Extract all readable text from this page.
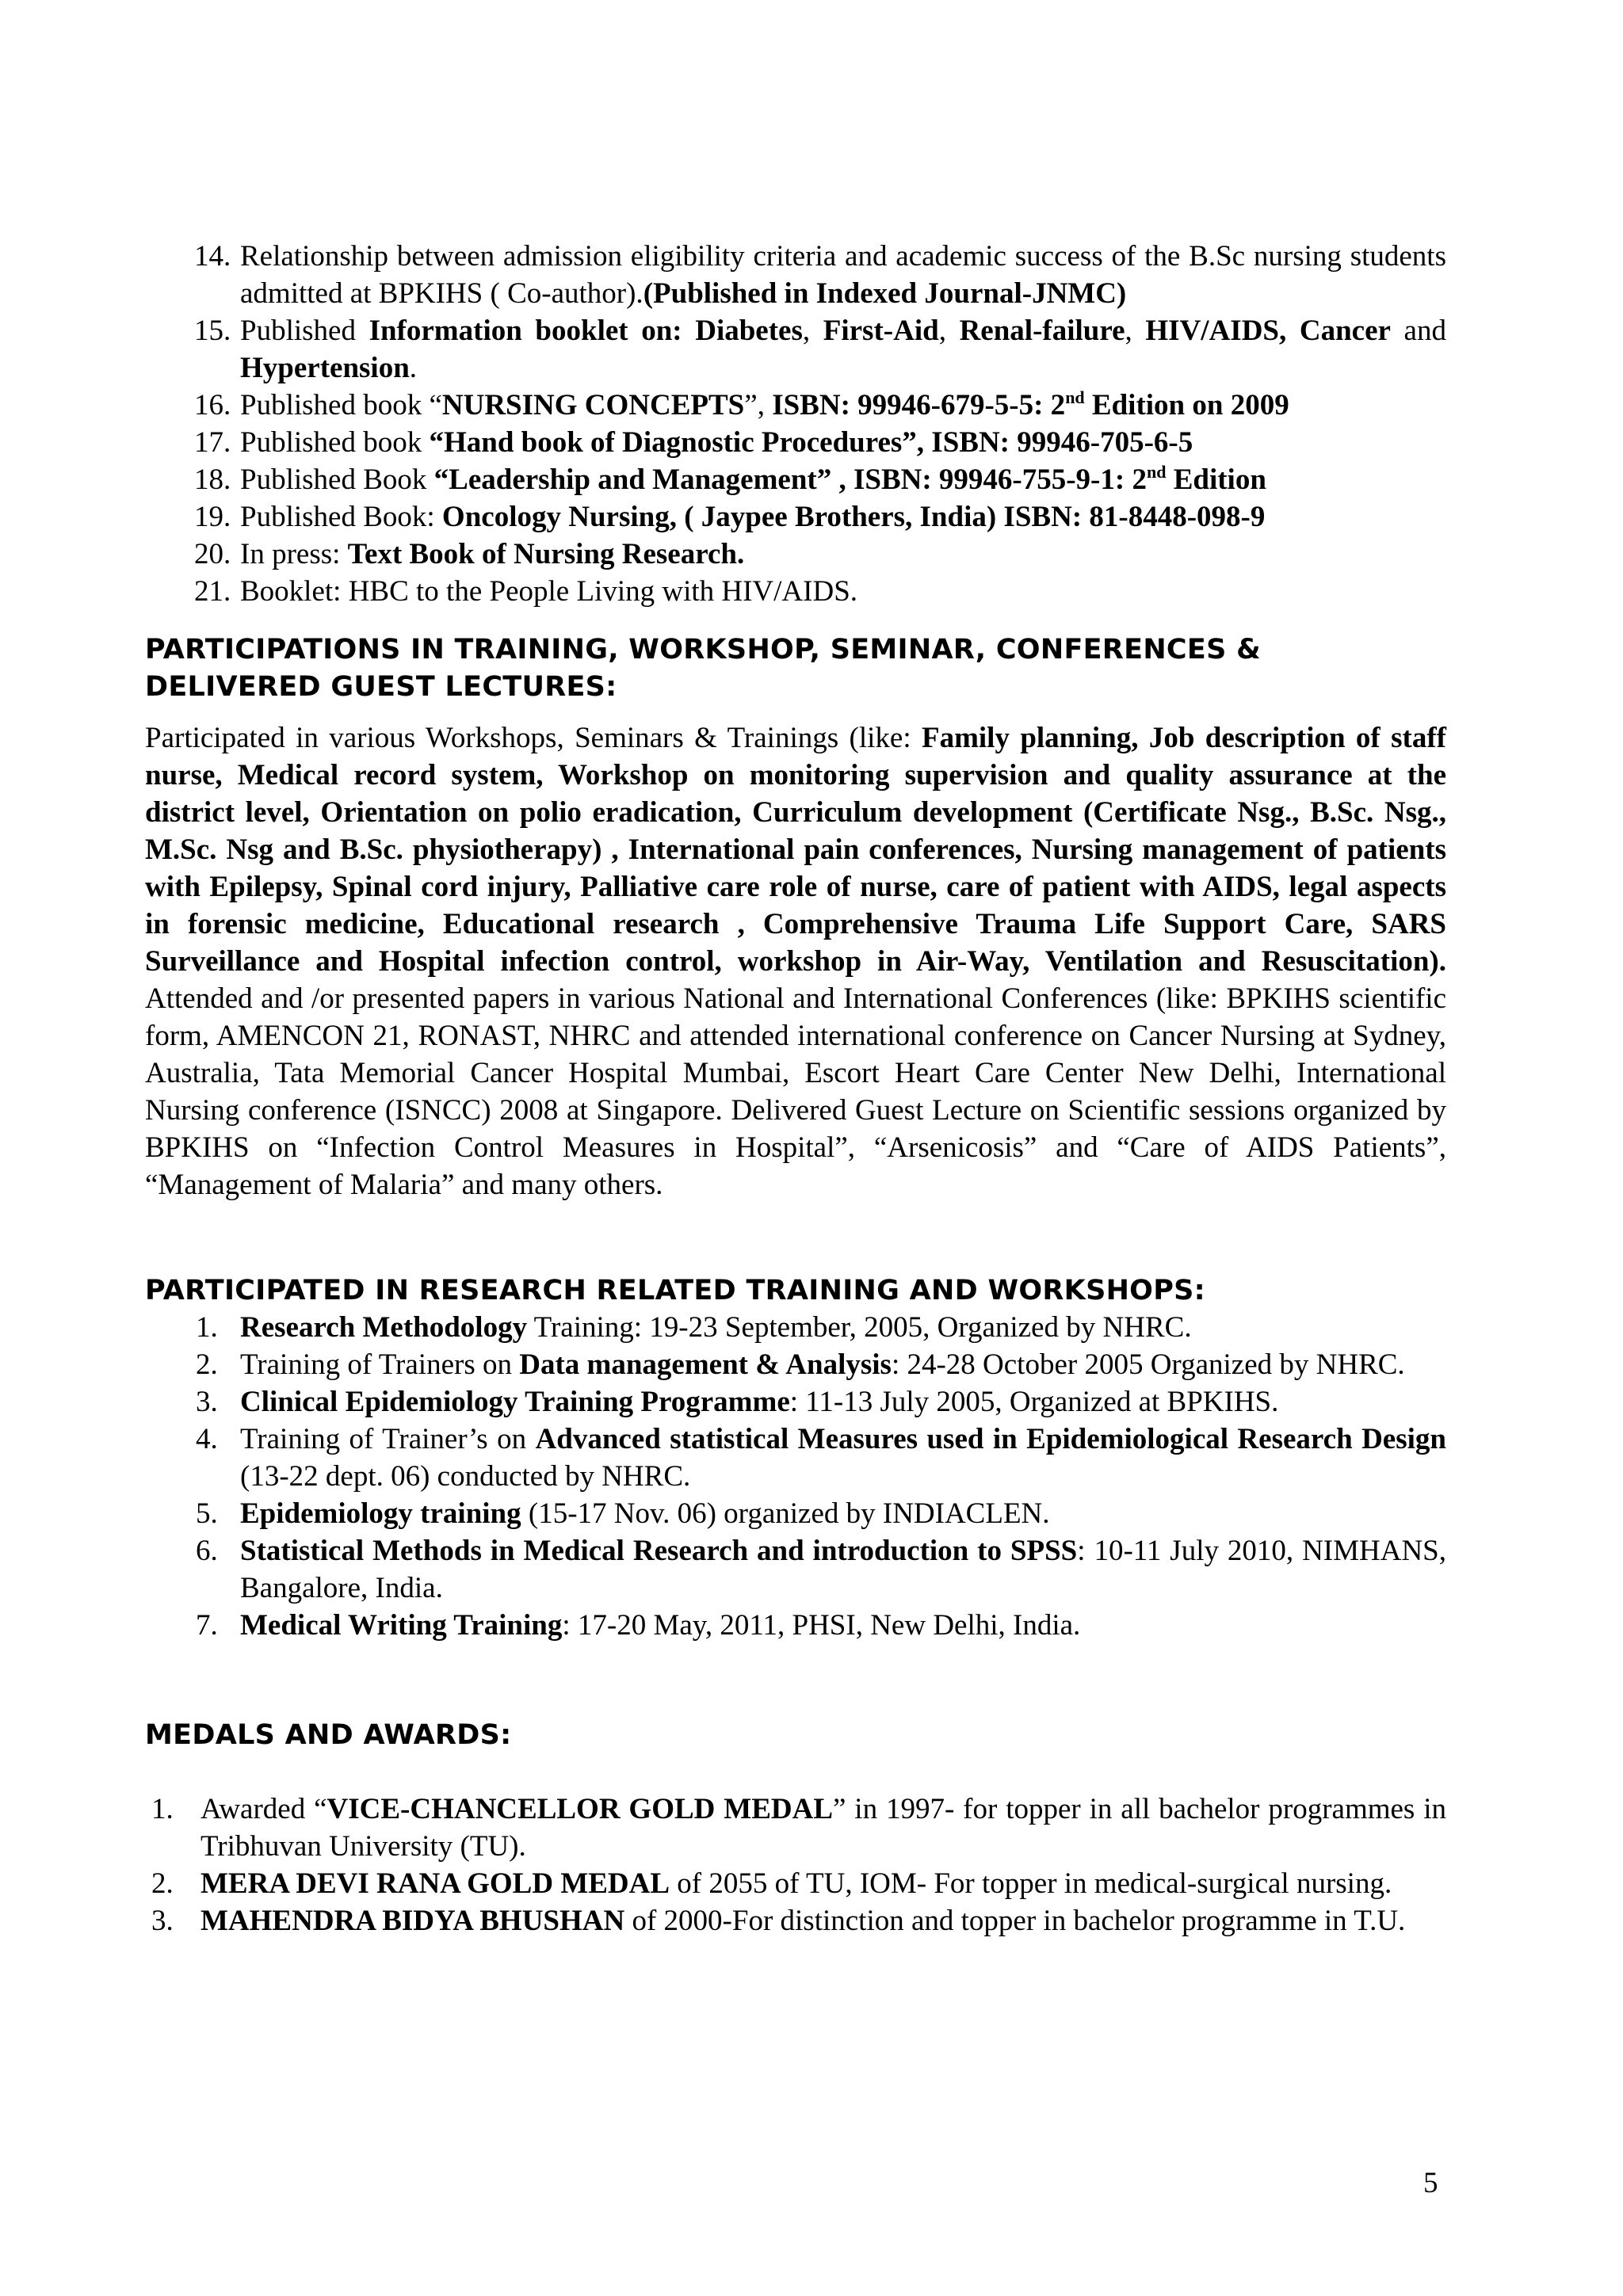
14. Relationship between admission eligibility criteria and academic success of the B.Sc nursing students admitted at BPKIHS ( Co-author).(Published in Indexed Journal-JNMC)
15. Published Information booklet on: Diabetes, First-Aid, Renal-failure, HIV/AIDS, Cancer and Hypertension.
16. Published book “NURSING CONCEPTS”, ISBN: 99946-679-5-5: 2nd Edition on 2009
17. Published book “Hand book of Diagnostic Procedures”, ISBN: 99946-705-6-5
18. Published Book “Leadership and Management” , ISBN: 99946-755-9-1: 2nd Edition
19. Published Book: Oncology Nursing, ( Jaypee Brothers, India) ISBN: 81-8448-098-9
20. In press: Text Book of Nursing Research.
21. Booklet: HBC to the People Living with HIV/AIDS.
PARTICIPATIONS IN TRAINING, WORKSHOP, SEMINAR, CONFERENCES &
DELIVERED GUEST LECTURES:

Participated in various Workshops, Seminars & Trainings (like: Family planning, Job description of staff nurse, Medical record system, Workshop on monitoring supervision and quality assurance at the district level, Orientation on polio eradication, Curriculum development (Certificate Nsg., B.Sc. Nsg., M.Sc. Nsg and B.Sc. physiotherapy) , International pain conferences, Nursing management of patients with Epilepsy, Spinal cord injury, Palliative care role of nurse, care of patient with AIDS, legal aspects in forensic medicine, Educational research , Comprehensive Trauma Life Support Care, SARS Surveillance and Hospital infection control, workshop in Air-Way, Ventilation and Resuscitation). Attended and /or presented papers in various National and International Conferences (like: BPKIHS scientific form, AMENCON 21, RONAST, NHRC and attended international conference on Cancer Nursing at Sydney, Australia, Tata Memorial Cancer Hospital Mumbai, Escort Heart Care Center New Delhi, International Nursing conference (ISNCC) 2008 at Singapore. Delivered Guest Lecture on Scientific sessions organized by BPKIHS on “Infection Control Measures in Hospital”, “Arsenicosis” and “Care of AIDS Patients”, “Management of Malaria” and many others.

PARTICIPATED IN RESEARCH RELATED TRAINING AND WORKSHOPS:
1. Research Methodology Training: 19-23 September, 2005, Organized by NHRC.
2. Training of Trainers on Data management & Analysis: 24-28 October 2005 Organized by NHRC.
3. Clinical Epidemiology Training Programme: 11-13 July 2005, Organized at BPKIHS.
4. Training of Trainer’s on Advanced statistical Measures used in Epidemiological Research Design (13-22 dept. 06) conducted by NHRC.
5. Epidemiology training (15-17 Nov. 06) organized by INDIACLEN.
6. Statistical Methods in Medical Research and introduction to SPSS: 10-11 July 2010, NIMHANS, Bangalore, India.
7. Medical Writing Training: 17-20 May, 2011, PHSI, New Delhi, India.
MEDALS AND AWARDS:
1. Awarded “VICE-CHANCELLOR GOLD MEDAL” in 1997- for topper in all bachelor programmes in Tribhuvan University (TU).
2. MERA DEVI RANA GOLD MEDAL of 2055 of TU, IOM- For topper in medical-surgical nursing.
3. MAHENDRA BIDYA BHUSHAN of 2000-For distinction and topper in bachelor programme in T.U.
5
